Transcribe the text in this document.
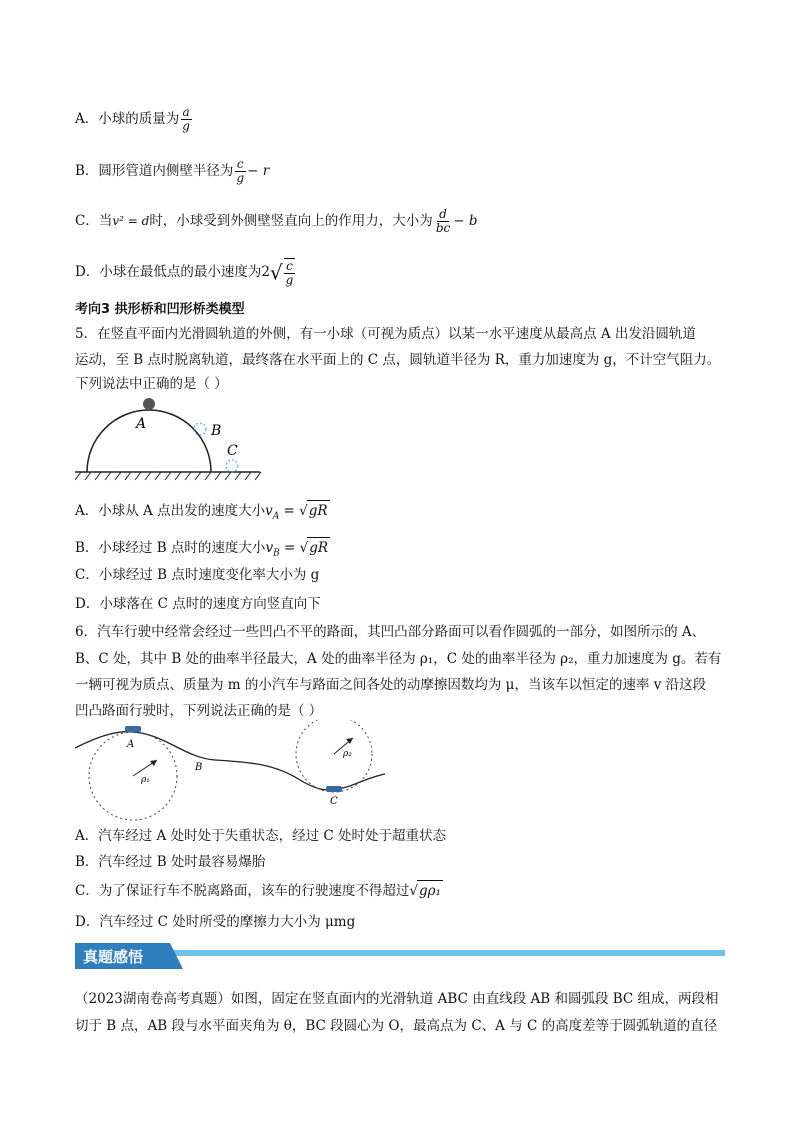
A．小球的质量为 $\frac{a}{g}$
B．圆形管道内侧壁半径为 $\frac{c}{g} - r$
C．当v² = d时，小球受到外侧壁竖直向上的作用力，大小为 $\frac{d}{bc} - b$
D．小球在最低点的最小速度为$2√ \frac{c}{g}$
考向3 拱形桥和凹形桥类模型
5．在竖直平面内光滑圆轨道的外侧，有一小球（可视为质点）以某一水平速度从最高点 A 出发沿圆轨道
运动，至 B 点时脱离轨道，最终落在水平面上的 C 点，圆轨道半径为 R，重力加速度为 g，不计空气阻力。
下列说法中正确的是（ ）
A	B
C
A．小球从 A 点出发的速度大小$v_A = √gR$
B．小球经过 B 点时的速度大小$v_B = √gR$
C．小球经过 B 点时速度变化率大小为 g
D．小球落在 C 点时的速度方向竖直向下
6．汽车行驶中经常会经过一些凹凸不平的路面，其凹凸部分路面可以看作圆弧的一部分，如图所示的 A、
B、C 处，其中 B 处的曲率半径最大，A 处的曲率半径为 ρ₁，C 处的曲率半径为 ρ₂，重力加速度为 g。若有
一辆可视为质点、质量为 m 的小汽车与路面之间各处的动摩擦因数均为 μ，当该车以恒定的速率 v 沿这段
凹凸路面行驶时，下列说法正确的是（ ）
A
B
C
ρ₁
ρ₂
A．汽车经过 A 处时处于失重状态，经过 C 处时处于超重状态
B．汽车经过 B 处时最容易爆胎
C．为了保证行车不脱离路面，该车的行驶速度不得超过√gρ₁
D．汽车经过 C 处时所受的摩擦力大小为 μmg
真题感悟
（2023湖南卷高考真题）如图，固定在竖直面内的光滑轨道 ABC 由直线段 AB 和圆弧段 BC 组成，两段相
切于 B 点，AB 段与水平面夹角为 θ，BC 段圆心为 O，最高点为 C、A 与 C 的高度差等于圆弧轨道的直径
